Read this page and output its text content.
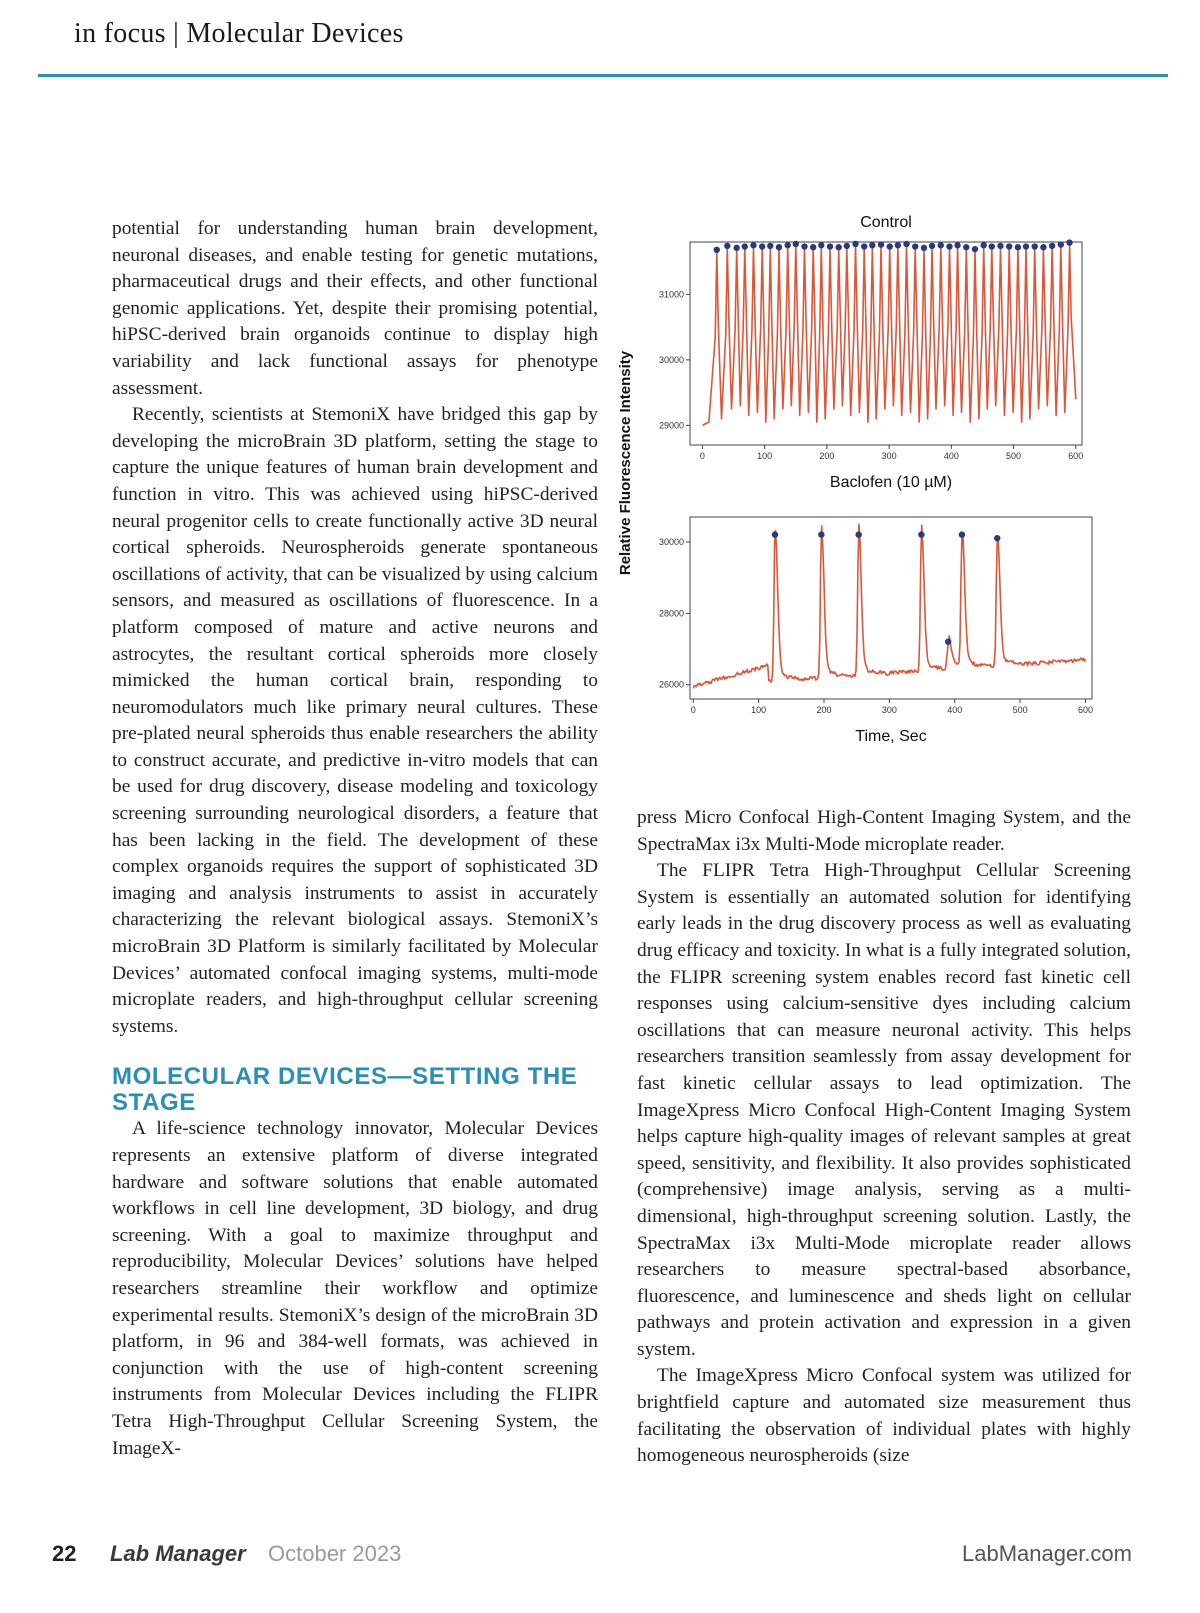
in focus | Molecular Devices

potential for understanding human brain development, neuronal diseases, and enable testing for genetic mutations, pharmaceutical drugs and their effects, and other functional genomic applications. Yet, despite their promising potential, hiPSC-derived brain organoids continue to display high variability and lack functional assays for phenotype assessment.

Recently, scientists at StemoniX have bridged this gap by developing the microBrain 3D platform, setting the stage to capture the unique features of human brain development and function in vitro. This was achieved using hiPSC-derived neural progenitor cells to create functionally active 3D neural cortical spheroids. Neurospheroids generate spontaneous oscillations of activity, that can be visualized by using calcium sensors, and measured as oscillations of fluorescence. In a platform composed of mature and active neurons and astrocytes, the resultant cortical spheroids more closely mimicked the human cortical brain, responding to neuromodulators much like primary neural cultures. These pre-plated neural spheroids thus enable researchers the ability to construct accurate, and predictive in-vitro models that can be used for drug discovery, disease modeling and toxicology screening surrounding neurological disorders, a feature that has been lacking in the field. The development of these complex organoids requires the support of sophisticated 3D imaging and analysis instruments to assist in accurately characterizing the relevant biological assays. StemoniX’s microBrain 3D Platform is similarly facilitated by Molecular Devices’ automated confocal imaging systems, multi-mode microplate readers, and high-throughput cellular screening systems.

MOLECULAR DEVICES—SETTING THE STAGE

A life-science technology innovator, Molecular Devices represents an extensive platform of diverse integrated hardware and software solutions that enable automated workflows in cell line development, 3D biology, and drug screening. With a goal to maximize throughput and reproducibility, Molecular Devices’ solutions have helped researchers streamline their workflow and optimize experimental results. StemoniX’s design of the microBrain 3D platform, in 96 and 384-well formats, was achieved in conjunction with the use of high-content screening instruments from Molecular Devices including the FLIPR Tetra High-Throughput Cellular Screening System, the ImageX-

Control
0	100	200	300	400	500	600
29000
30000
31000
Baclofen (10 µM)
0	100	200	300	400	500	600
26000
28000
30000
Time, Sec
Relative Fluorescence Intensity

press Micro Confocal High-Content Imaging System, and the SpectraMax i3x Multi-Mode microplate reader.

The FLIPR Tetra High-Throughput Cellular Screening System is essentially an automated solution for identifying early leads in the drug discovery process as well as evaluating drug efficacy and toxicity. In what is a fully integrated solution, the FLIPR screening system enables record fast kinetic cell responses using calcium-sensitive dyes including calcium oscillations that can measure neuronal activity. This helps researchers transition seamlessly from assay development for fast kinetic cellular assays to lead optimization. The ImageXpress Micro Confocal High-Content Imaging System helps capture high-quality images of relevant samples at great speed, sensitivity, and flexibility. It also provides sophisticated (comprehensive) image analysis, serving as a multi-dimensional, high-throughput screening solution. Lastly, the SpectraMax i3x Multi-Mode microplate reader allows researchers to measure spectral-based absorbance, fluorescence, and luminescence and sheds light on cellular pathways and protein activation and expression in a given system.

The ImageXpress Micro Confocal system was utilized for brightfield capture and automated size measurement thus facilitating the observation of individual plates with highly homogeneous neurospheroids (size

22 Lab Manager October 2023	LabManager.com
